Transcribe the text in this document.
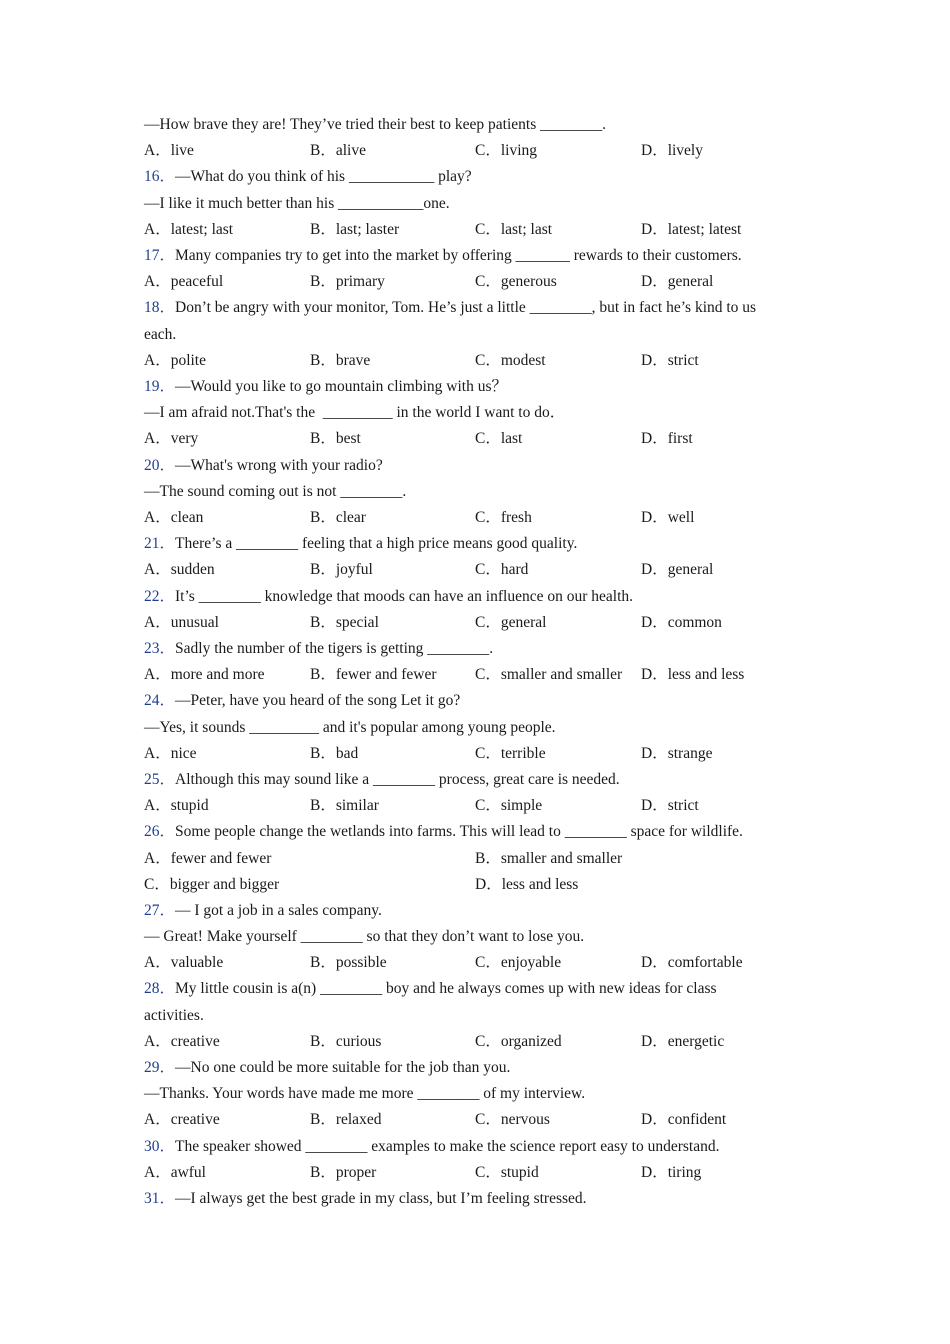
—How brave they are! They’ve tried their best to keep patients ________.
A．live	B．alive	C．living	D．lively
16．—What do you think of his ___________ play?
—I like it much better than his ___________one.
A．latest; last	B．last; laster	C．last; last	D．latest; latest
17．Many companies try to get into the market by offering _______ rewards to their customers.
A．peaceful	B．primary	C．generous	D．general
18．Don’t be angry with your monitor, Tom. He’s just a little ________, but in fact he’s kind to us
each.
A．polite	B．brave	C．modest	D．strict
19．—Would you like to go mountain climbing with us？
—I am afraid not.That's the  _________ in the world I want to do．
A．very	B．best	C．last	D．first
20．—What's wrong with your radio?
—The sound coming out is not ________.
A．clean	B．clear	C．fresh	D．well
21．There’s a ________ feeling that a high price means good quality.
A．sudden	B．joyful	C．hard	D．general
22．It’s ________ knowledge that moods can have an influence on our health.
A．unusual	B．special	C．general	D．common
23．Sadly the number of the tigers is getting ________.
A．more and more	B．fewer and fewer C．smaller and smaller D．less and less
24．—Peter, have you heard of the song Let it go?
—Yes, it sounds _________ and it's popular among young people.
A．nice	B．bad	C．terrible	D．strange
25．Although this may sound like a ________ process, great care is needed.
A．stupid	B．similar	C．simple	D．strict
26．Some people change the wetlands into farms. This will lead to ________ space for wildlife.
A．fewer and fewer	B．smaller and smaller
C．bigger and bigger	D．less and less
27．— I got a job in a sales company.
— Great! Make yourself ________ so that they don’t want to lose you.
A．valuable	B．possible	C．enjoyable	D．comfortable
28．My little cousin is a(n) ________ boy and he always comes up with new ideas for class
activities.
A．creative	B．curious	C．organized	D．energetic
29．—No one could be more suitable for the job than you.
—Thanks. Your words have made me more ________ of my interview.
A．creative	B．relaxed	C．nervous	D．confident
30．The speaker showed ________ examples to make the science report easy to understand.
A．awful	B．proper	C．stupid	D．tiring
31．—I always get the best grade in my class, but I’m feeling stressed.
